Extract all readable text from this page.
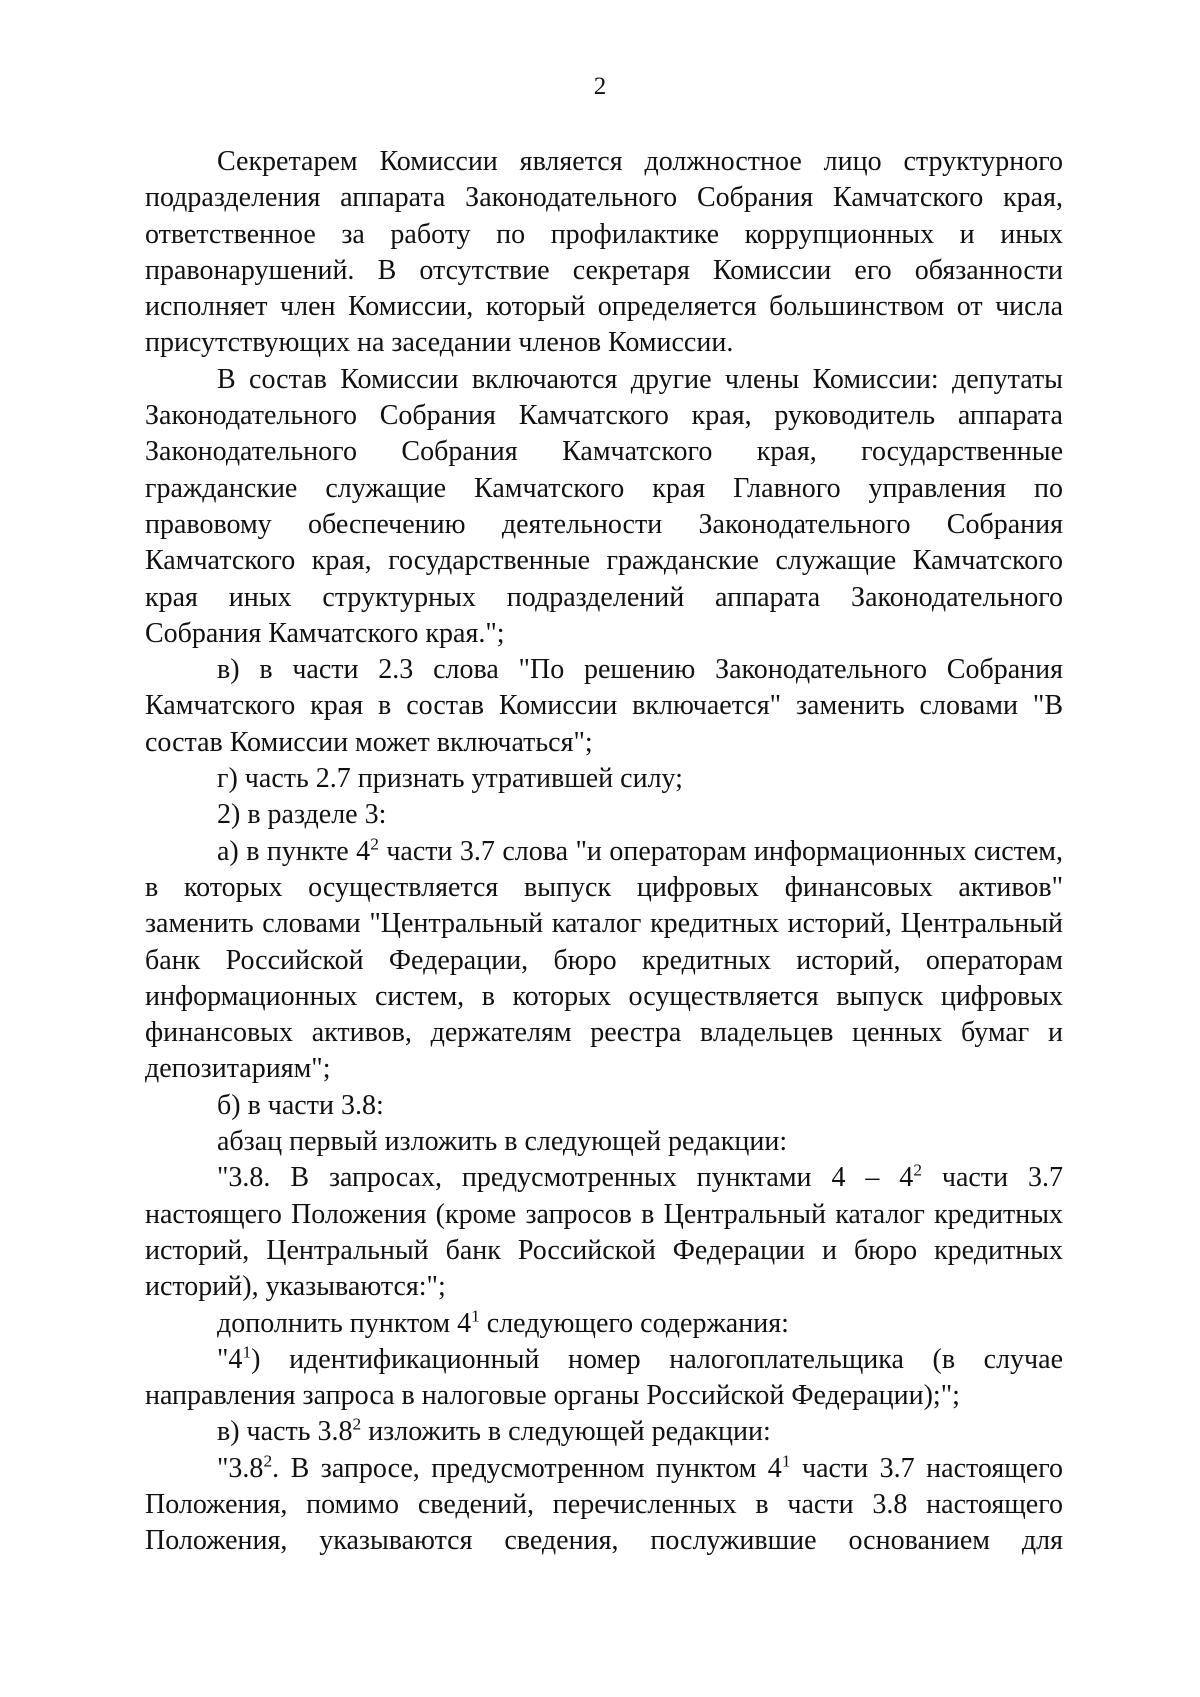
2

Секретарем Комиссии является должностное лицо структурного подразделения аппарата Законодательного Собрания Камчатского края, ответственное за работу по профилактике коррупционных и иных правонарушений. В отсутствие секретаря Комиссии его обязанности исполняет член Комиссии, который определяется большинством от числа присутствующих на заседании членов Комиссии.

В состав Комиссии включаются другие члены Комиссии: депутаты Законодательного Собрания Камчатского края, руководитель аппарата Законодательного Собрания Камчатского края, государственные гражданские служащие Камчатского края Главного управления по правовому обеспечению деятельности Законодательного Собрания Камчатского края, государственные гражданские служащие Камчатского края иных структурных подразделений аппарата Законодательного Собрания Камчатского края.";

в) в части 2.3 слова "По решению Законодательного Собрания Камчатского края в состав Комиссии включается" заменить словами "В состав Комиссии может включаться";

г) часть 2.7 признать утратившей силу;

2) в разделе 3:

а) в пункте $4^2$ части 3.7 слова "и операторам информационных систем, в которых осуществляется выпуск цифровых финансовых активов" заменить словами "Центральный каталог кредитных историй, Центральный банк Российской Федерации, бюро кредитных историй, операторам информационных систем, в которых осуществляется выпуск цифровых финансовых активов, держателям реестра владельцев ценных бумаг и депозитариям";

б) в части 3.8:

абзац первый изложить в следующей редакции:

"3.8. В запросах, предусмотренных пунктами $4 - 4^2$ части 3.7 настоящего Положения (кроме запросов в Центральный каталог кредитных историй, Центральный банк Российской Федерации и бюро кредитных историй), указываются:";

дополнить пунктом $4^1$ следующего содержания:

"$4^1$) идентификационный номер налогоплательщика (в случае направления запроса в налоговые органы Российской Федерации);";

в) часть $3.8^2$ изложить в следующей редакции:

"$3.8^2$. В запросе, предусмотренном пунктом $4^1$ части 3.7 настоящего Положения, помимо сведений, перечисленных в части 3.8 настоящего Положения, указываются сведения, послужившие основанием для
